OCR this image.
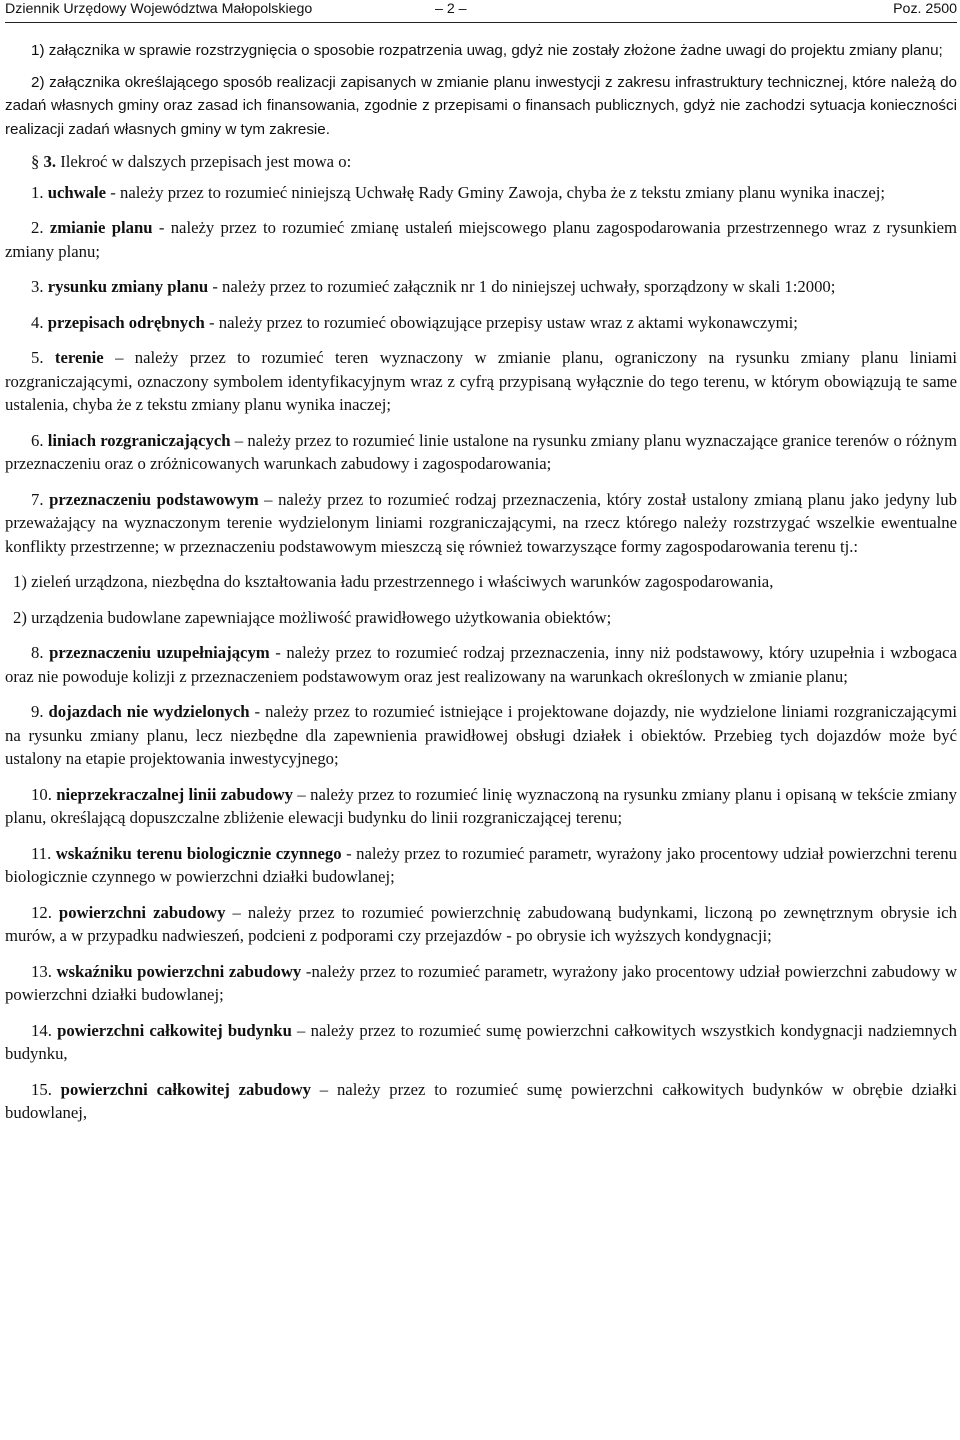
Dziennik Urzędowy Województwa Małopolskiego	– 2 –	Poz. 2500

1) załącznika w sprawie rozstrzygnięcia o sposobie rozpatrzenia uwag, gdyż nie zostały złożone żadne uwagi do projektu zmiany planu;

2) załącznika określającego sposób realizacji zapisanych w zmianie planu inwestycji z zakresu infrastruktury technicznej, które należą do zadań własnych gminy oraz zasad ich finansowania, zgodnie z przepisami o finansach publicznych, gdyż nie zachodzi sytuacja konieczności realizacji zadań własnych gminy w tym zakresie.

§ 3. Ilekroć w dalszych przepisach jest mowa o:

1. uchwale - należy przez to rozumieć niniejszą Uchwałę Rady Gminy Zawoja, chyba że z tekstu zmiany planu wynika inaczej;

2. zmianie planu - należy przez to rozumieć zmianę ustaleń miejscowego planu zagospodarowania przestrzennego wraz z rysunkiem zmiany planu;

3. rysunku zmiany planu - należy przez to rozumieć załącznik nr 1 do niniejszej uchwały, sporządzony w skali 1:2000;

4. przepisach odrębnych - należy przez to rozumieć obowiązujące przepisy ustaw wraz z aktami wykonawczymi;

5. terenie – należy przez to rozumieć teren wyznaczony w zmianie planu, ograniczony na rysunku zmiany planu liniami rozgraniczającymi, oznaczony symbolem identyfikacyjnym wraz z cyfrą przypisaną wyłącznie do tego terenu, w którym obowiązują te same ustalenia, chyba że z tekstu zmiany planu wynika inaczej;

6. liniach rozgraniczających – należy przez to rozumieć linie ustalone na rysunku zmiany planu wyznaczające granice terenów o różnym przeznaczeniu oraz o zróżnicowanych warunkach zabudowy i zagospodarowania;

7. przeznaczeniu podstawowym – należy przez to rozumieć rodzaj przeznaczenia, który został ustalony zmianą planu jako jedyny lub przeważający na wyznaczonym terenie wydzielonym liniami rozgraniczającymi, na rzecz którego należy rozstrzygać wszelkie ewentualne konflikty przestrzenne; w przeznaczeniu podstawowym mieszczą się również towarzyszące formy zagospodarowania terenu tj.:

1) zieleń urządzona, niezbędna do kształtowania ładu przestrzennego i właściwych warunków zagospodarowania,

2) urządzenia budowlane zapewniające możliwość prawidłowego użytkowania obiektów;

8. przeznaczeniu uzupełniającym - należy przez to rozumieć rodzaj przeznaczenia, inny niż podstawowy, który uzupełnia i wzbogaca oraz nie powoduje kolizji z przeznaczeniem podstawowym oraz jest realizowany na warunkach określonych w zmianie planu;

9. dojazdach nie wydzielonych - należy przez to rozumieć istniejące i projektowane dojazdy, nie wydzielone liniami rozgraniczającymi na rysunku zmiany planu, lecz niezbędne dla zapewnienia prawidłowej obsługi działek i obiektów. Przebieg tych dojazdów może być ustalony na etapie projektowania inwestycyjnego;

10. nieprzekraczalnej linii zabudowy – należy przez to rozumieć linię wyznaczoną na rysunku zmiany planu i opisaną w tekście zmiany planu, określającą dopuszczalne zbliżenie elewacji budynku do linii rozgraniczającej terenu;

11. wskaźniku terenu biologicznie czynnego - należy przez to rozumieć parametr, wyrażony jako procentowy udział powierzchni terenu biologicznie czynnego w powierzchni działki budowlanej;

12. powierzchni zabudowy – należy przez to rozumieć powierzchnię zabudowaną budynkami, liczoną po zewnętrznym obrysie ich murów, a w przypadku nadwieszeń, podcieni z podporami czy przejazdów - po obrysie ich wyższych kondygnacji;

13. wskaźniku powierzchni zabudowy -należy przez to rozumieć parametr, wyrażony jako procentowy udział powierzchni zabudowy w powierzchni działki budowlanej;

14. powierzchni całkowitej budynku – należy przez to rozumieć sumę powierzchni całkowitych wszystkich kondygnacji nadziemnych budynku,

15. powierzchni całkowitej zabudowy – należy przez to rozumieć sumę powierzchni całkowitych budynków w obrębie działki budowlanej,
